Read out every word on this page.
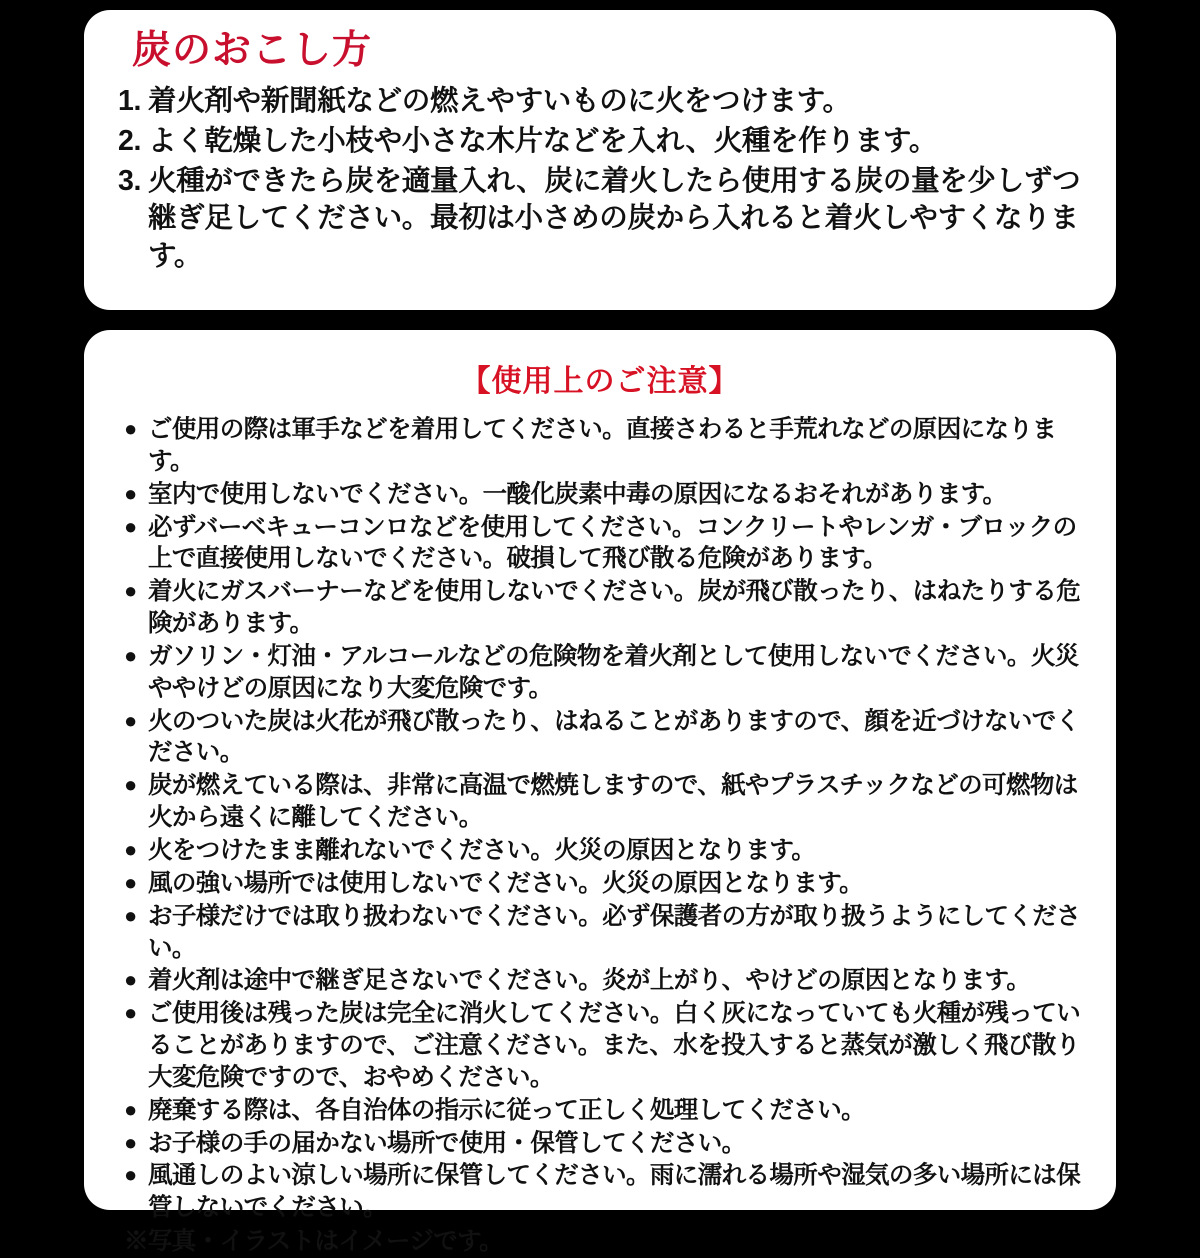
炭のおこし方
1. 着火剤や新聞紙などの燃えやすいものに火をつけます。
2. よく乾燥した小枝や小さな木片などを入れ、火種を作ります。
3. 火種ができたら炭を適量入れ、炭に着火したら使用する炭の量を少しずつ継ぎ足してください。最初は小さめの炭から入れると着火しやすくなります。
【使用上のご注意】
● ご使用の際は軍手などを着用してください。直接さわると手荒れなどの原因になります。
● 室内で使用しないでください。一酸化炭素中毒の原因になるおそれがあります。
● 必ずバーベキューコンロなどを使用してください。コンクリートやレンガ・ブロックの上で直接使用しないでください。破損して飛び散る危険があります。
● 着火にガスバーナーなどを使用しないでください。炭が飛び散ったり、はねたりする危険があります。
● ガソリン・灯油・アルコールなどの危険物を着火剤として使用しないでください。火災ややけどの原因になり大変危険です。
● 火のついた炭は火花が飛び散ったり、はねることがありますので、顔を近づけないでください。
● 炭が燃えている際は、非常に高温で燃焼しますので、紙やプラスチックなどの可燃物は火から遠くに離してください。
● 火をつけたまま離れないでください。火災の原因となります。
● 風の強い場所では使用しないでください。火災の原因となります。
● お子様だけでは取り扱わないでください。必ず保護者の方が取り扱うようにしてください。
● 着火剤は途中で継ぎ足さないでください。炎が上がり、やけどの原因となります。
● ご使用後は残った炭は完全に消火してください。白く灰になっていても火種が残っていることがありますので、ご注意ください。また、水を投入すると蒸気が激しく飛び散り大変危険ですので、おやめください。
● 廃棄する際は、各自治体の指示に従って正しく処理してください。
● お子様の手の届かない場所で使用・保管してください。
● 風通しのよい涼しい場所に保管してください。雨に濡れる場所や湿気の多い場所には保管しないでください。
※写真・イラストはイメージです。
